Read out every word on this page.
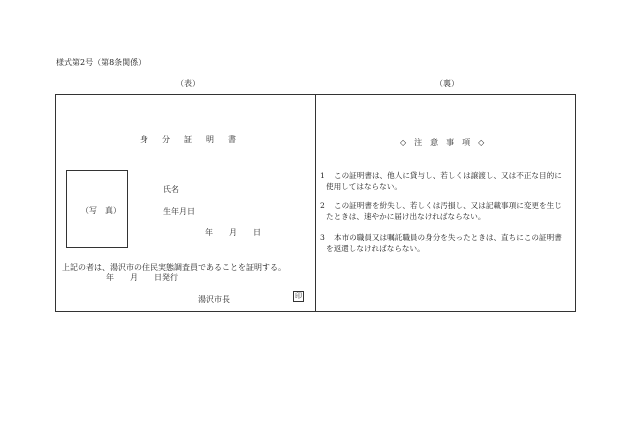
様式第2号（第8条関係）
（表）	（裏）
身分証明書
（写　真）
氏名
生年月日
年　　月　　日
上記の者は、湯沢市の住民実態調査員であることを証明する。
年　　月　　日発行
湯沢市長	印
◇　注　意　事　項　◇
1 この証明書は、他人に貸与し、若しくは譲渡し、又は不正な目的に
使用してはならない。
2 この証明書を紛失し、若しくは汚損し、又は記載事項に変更を生じ
たときは、速やかに届け出なければならない。
3 本市の職員又は嘱託職員の身分を失ったときは、直ちにこの証明書
を返還しなければならない。
